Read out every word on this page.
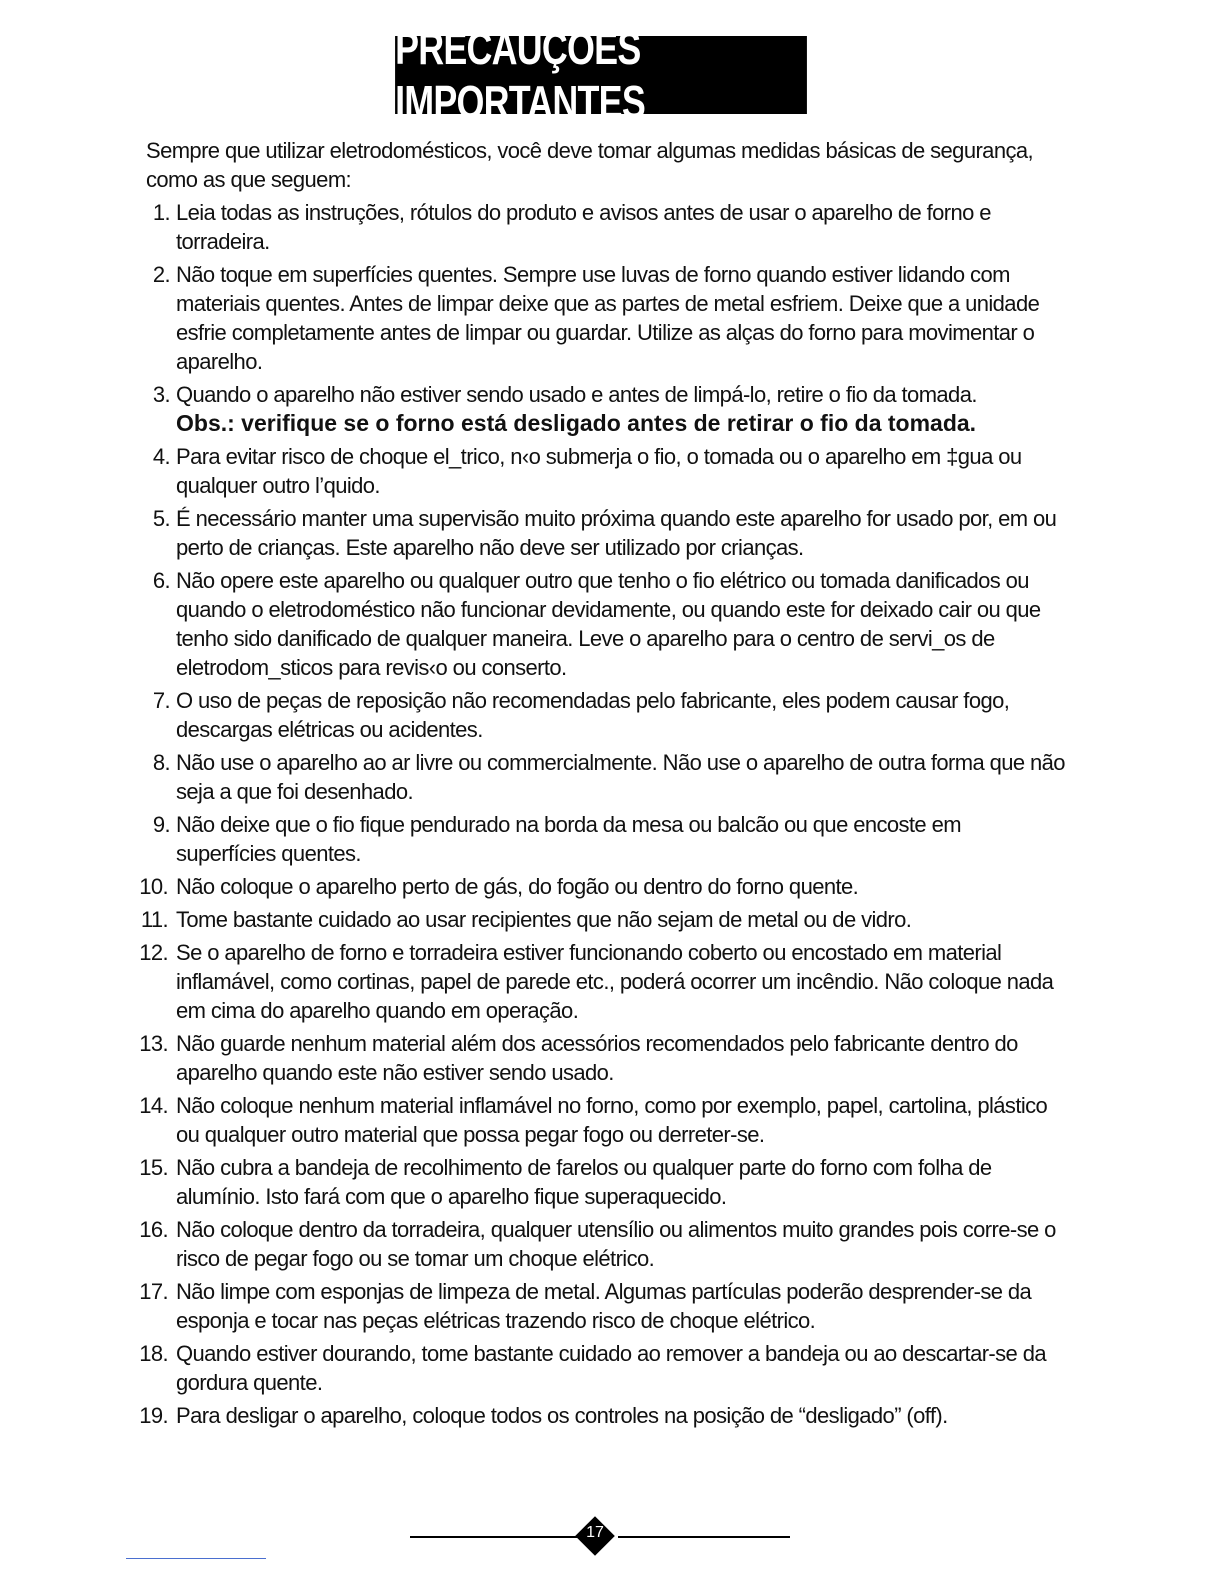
PRECAUÇÕES IMPORTANTES

Sempre que utilizar eletrodomésticos, você deve tomar algumas medidas básicas de segurança, como as que seguem:

1. Leia todas as instruções, rótulos do produto e avisos antes de usar o aparelho de forno e torradeira.
2. Não toque em superfícies quentes. Sempre use luvas de forno quando estiver lidando com materiais quentes. Antes de limpar deixe que as partes de metal esfriem. Deixe que a unidade esfrie completamente antes de limpar ou guardar. Utilize as alças do forno para movimentar o aparelho.
3. Quando o aparelho não estiver sendo usado e antes de limpá-lo, retire o fio da tomada.
Obs.: verifique se o forno está desligado antes de retirar o fio da tomada.
4. Para evitar risco de choque el_trico, n‹o submerja o fio, o tomada ou o aparelho em ‡gua ou qualquer outro l’quido.
5. É necessário manter uma supervisão muito próxima quando este aparelho for usado por, em ou perto de crianças. Este aparelho não deve ser utilizado por crianças.
6. Não opere este aparelho ou qualquer outro que tenho o fio elétrico ou tomada danificados ou quando o eletrodoméstico não funcionar devidamente, ou quando este for deixado cair ou que tenho sido danificado de qualquer maneira. Leve o aparelho para o centro de servi_os de eletrodom_sticos para revis‹o ou conserto.
7. O uso de peças de reposição não recomendadas pelo fabricante, eles podem causar fogo, descargas elétricas ou acidentes.
8. Não use o aparelho ao ar livre ou commercialmente. Não use o aparelho de outra forma que não seja a que foi desenhado.
9. Não deixe que o fio fique pendurado na borda da mesa ou balcão ou que encoste em superfícies quentes.
10. Não coloque o aparelho perto de gás, do fogão ou dentro do forno quente.
11. Tome bastante cuidado ao usar recipientes que não sejam de metal ou de vidro.
12. Se o aparelho de forno e torradeira estiver funcionando coberto ou encostado em material inflamável, como cortinas, papel de parede etc., poderá ocorrer um incêndio. Não coloque nada em cima do aparelho quando em operação.
13. Não guarde nenhum material além dos acessórios recomendados pelo fabricante dentro do aparelho quando este não estiver sendo usado.
14. Não coloque nenhum material inflamável no forno, como por exemplo, papel, cartolina, plástico ou qualquer outro material que possa pegar fogo ou derreter-se.
15. Não cubra a bandeja de recolhimento de farelos ou qualquer parte do forno com folha de alumínio. Isto fará com que o aparelho fique superaquecido.
16. Não coloque dentro da torradeira, qualquer utensílio ou alimentos muito grandes pois corre-se o risco de pegar fogo ou se tomar um choque elétrico.
17. Não limpe com esponjas de limpeza de metal. Algumas partículas poderão desprender-se da esponja e tocar nas peças elétricas trazendo risco de choque elétrico.
18. Quando estiver dourando, tome bastante cuidado ao remover a bandeja ou ao descartar-se da gordura quente.
19. Para desligar o aparelho, coloque todos os controles na posição de “desligado” (off).
17
